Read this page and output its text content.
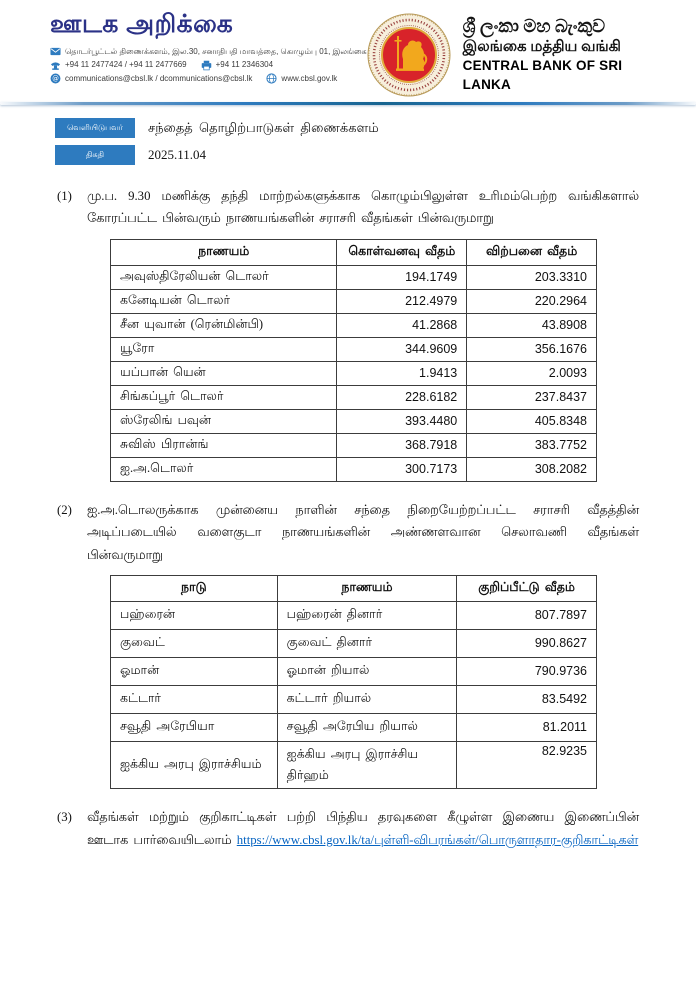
ஊடக அறிக்கை
தொடர்பூட்டல் திணைக்களம், இல.30, சனாதிபதி மாவத்தை, கொழும்பு 01, இலங்கை
+94 11 2477424 / +94 11 2477669	+94 11 2346304
@ communications@cbsl.lk / dcommunications@cbsl.lk	www.cbsl.gov.lk
ශ්‍රී ලංකා මහ බැංකුව
இலங்கை மத்திய வங்கி
CENTRAL BANK OF SRI LANKA
வெளியிடுபவர்	சந்தைத் தொழிற்பாடுகள் திணைக்களம்
திகதி	2025.11.04
(1)	மு.ப. 9.30 மணிக்கு தந்தி மாற்றல்களுக்காக கொழும்பிலுள்ள உரிமம்பெற்ற வங்கிகளால் கோரப்பட்ட பின்வரும் நாணயங்களின் சராசரி வீதங்கள் பின்வருமாறு
நாணயம்	கொள்வனவு வீதம்	விற்பனை வீதம்
அவுஸ்திரேலியன் டொலர்	194.1749	203.3310
கனேடியன் டொலர்	212.4979	220.2964
சீன யுவான் (ரென்மின்பி)	41.2868	43.8908
யூரோ	344.9609	356.1676
யப்பான் யென்	1.9413	2.0093
சிங்கப்பூர் டொலர்	228.6182	237.8437
ஸ்ரேலிங் பவுன்	393.4480	405.8348
சுவிஸ் பிரான்ங்	368.7918	383.7752
ஐ.அ.டொலர்	300.7173	308.2082
(2)	ஐ.அ.டொலருக்காக முன்னைய நாளின் சந்தை நிறையேற்றப்பட்ட சராசரி வீதத்தின் அடிப்படையில் வளைகுடா நாணயங்களின் அண்ணளவான செலாவணி வீதங்கள் பின்வருமாறு
நாடு	நாணயம்	குறிப்பீட்டு வீதம்
பஹ்ரைன்	பஹ்ரைன் தினார்	807.7897
குவைட்	குவைட் தினார்	990.8627
ஓமான்	ஓமான் றியால்	790.9736
கட்டார்	கட்டார் றியால்	83.5492
சவூதி அரேபியா	சவூதி அரேபிய றியால்	81.2011
ஐக்கிய அரபு இராச்சியம்	ஐக்கிய அரபு இராச்சிய திர்ஹம்	82.9235
(3)	வீதங்கள் மற்றும் குறிகாட்டிகள் பற்றி பிந்திய தரவுகளை கீழுள்ள இணைய இணைப்பின் ஊடாக பார்வையிடலாம் https://www.cbsl.gov.lk/ta/புள்ளி-விபரங்கள்/பொருளாதார-குறிகாட்டிகள்
